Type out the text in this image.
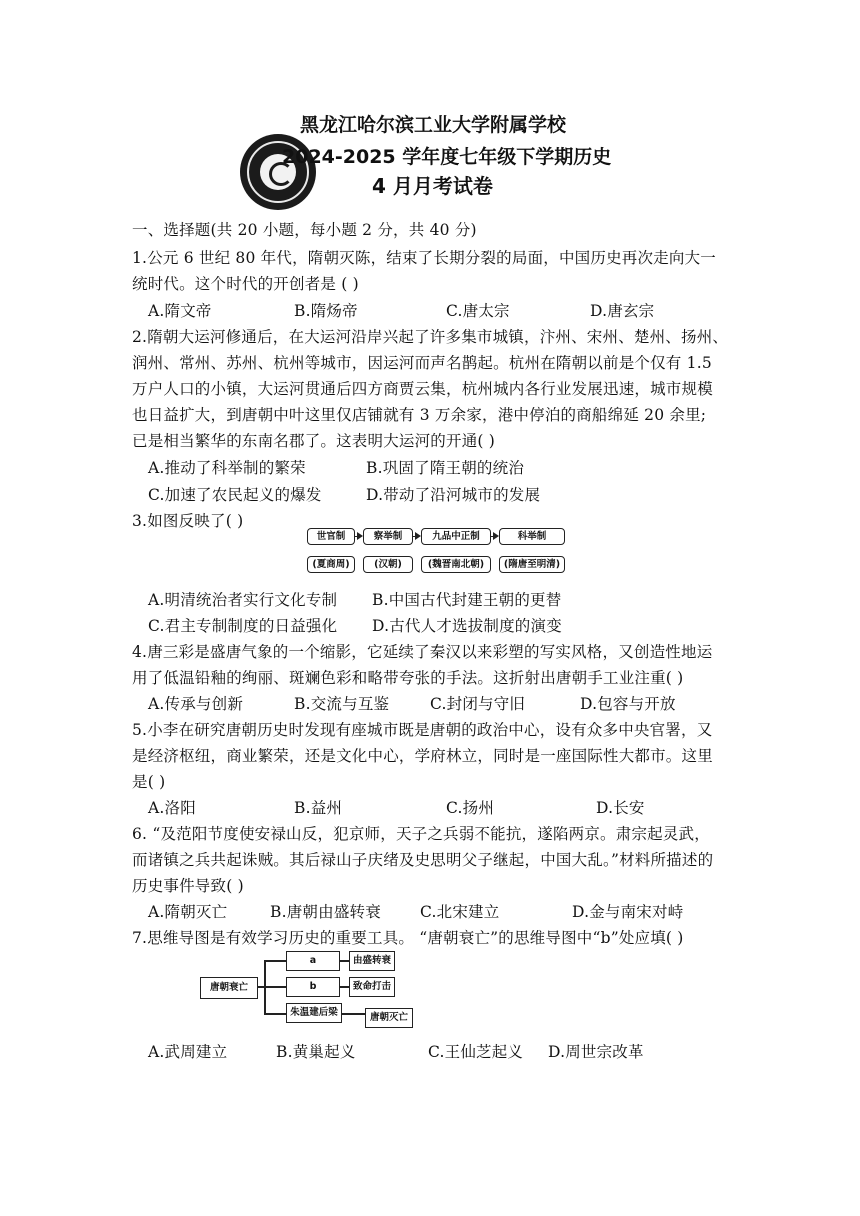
黑龙江哈尔滨工业大学附属学校
2024-2025 学年度七年级下学期历史
4 月月考试卷
一、选择题(共 20 小题，每小题 2 分，共 40 分)
1.公元 6 世纪 80 年代，隋朝灭陈，结束了长期分裂的局面，中国历史再次走向大一
统时代。这个时代的开创者是 ( )
A.隋文帝	B.隋炀帝	C.唐太宗	D.唐玄宗
2.隋朝大运河修通后，在大运河沿岸兴起了许多集市城镇，汴州、宋州、楚州、扬州、
润州、常州、苏州、杭州等城市，因运河而声名鹊起。杭州在隋朝以前是个仅有 1.5
万户人口的小镇，大运河贯通后四方商贾云集，杭州城内各行业发展迅速，城市规模
也日益扩大，到唐朝中叶这里仅店铺就有 3 万余家，港中停泊的商船绵延 20 余里;
已是相当繁华的东南名郡了。这表明大运河的开通( )
A.推动了科举制的繁荣	B.巩固了隋王朝的统治
C.加速了农民起义的爆发	D.带动了沿河城市的发展
3.如图反映了( )
世官制	察举制	九品中正制	科举制
(夏商周)	(汉朝)	(魏晋南北朝)	(隋唐至明清)
A.明清统治者实行文化专制 B.中国古代封建王朝的更替
C.君主专制制度的日益强化 D.古代人才选拔制度的演变
4.唐三彩是盛唐气象的一个缩影，它延续了秦汉以来彩塑的写实风格，又创造性地运
用了低温铅釉的绚丽、斑斓色彩和略带夸张的手法。这折射出唐朝手工业注重( )
A.传承与创新	B.交流与互鉴	C.封闭与守旧	D.包容与开放
5.小李在研究唐朝历史时发现有座城市既是唐朝的政治中心，设有众多中央官署，又
是经济枢纽，商业繁荣，还是文化中心，学府林立，同时是一座国际性大都市。这里
是( )
A.洛阳	B.益州	C.扬州	D.长安
6. “及范阳节度使安禄山反，犯京师，天子之兵弱不能抗，遂陷两京。肃宗起灵武，
而诸镇之兵共起诛贼。其后禄山子庆绪及史思明父子继起，中国大乱。”材料所描述的
历史事件导致( )
A.隋朝灭亡	B.唐朝由盛转衰	C.北宋建立	D.金与南宋对峙
7.思维导图是有效学习历史的重要工具。 “唐朝衰亡”的思维导图中“b”处应填( )
唐朝衰亡
a
b
朱温建后梁
由盛转衰
致命打击
唐朝灭亡
A.武周建立	B.黄巢起义	C.王仙芝起义 D.周世宗改革
